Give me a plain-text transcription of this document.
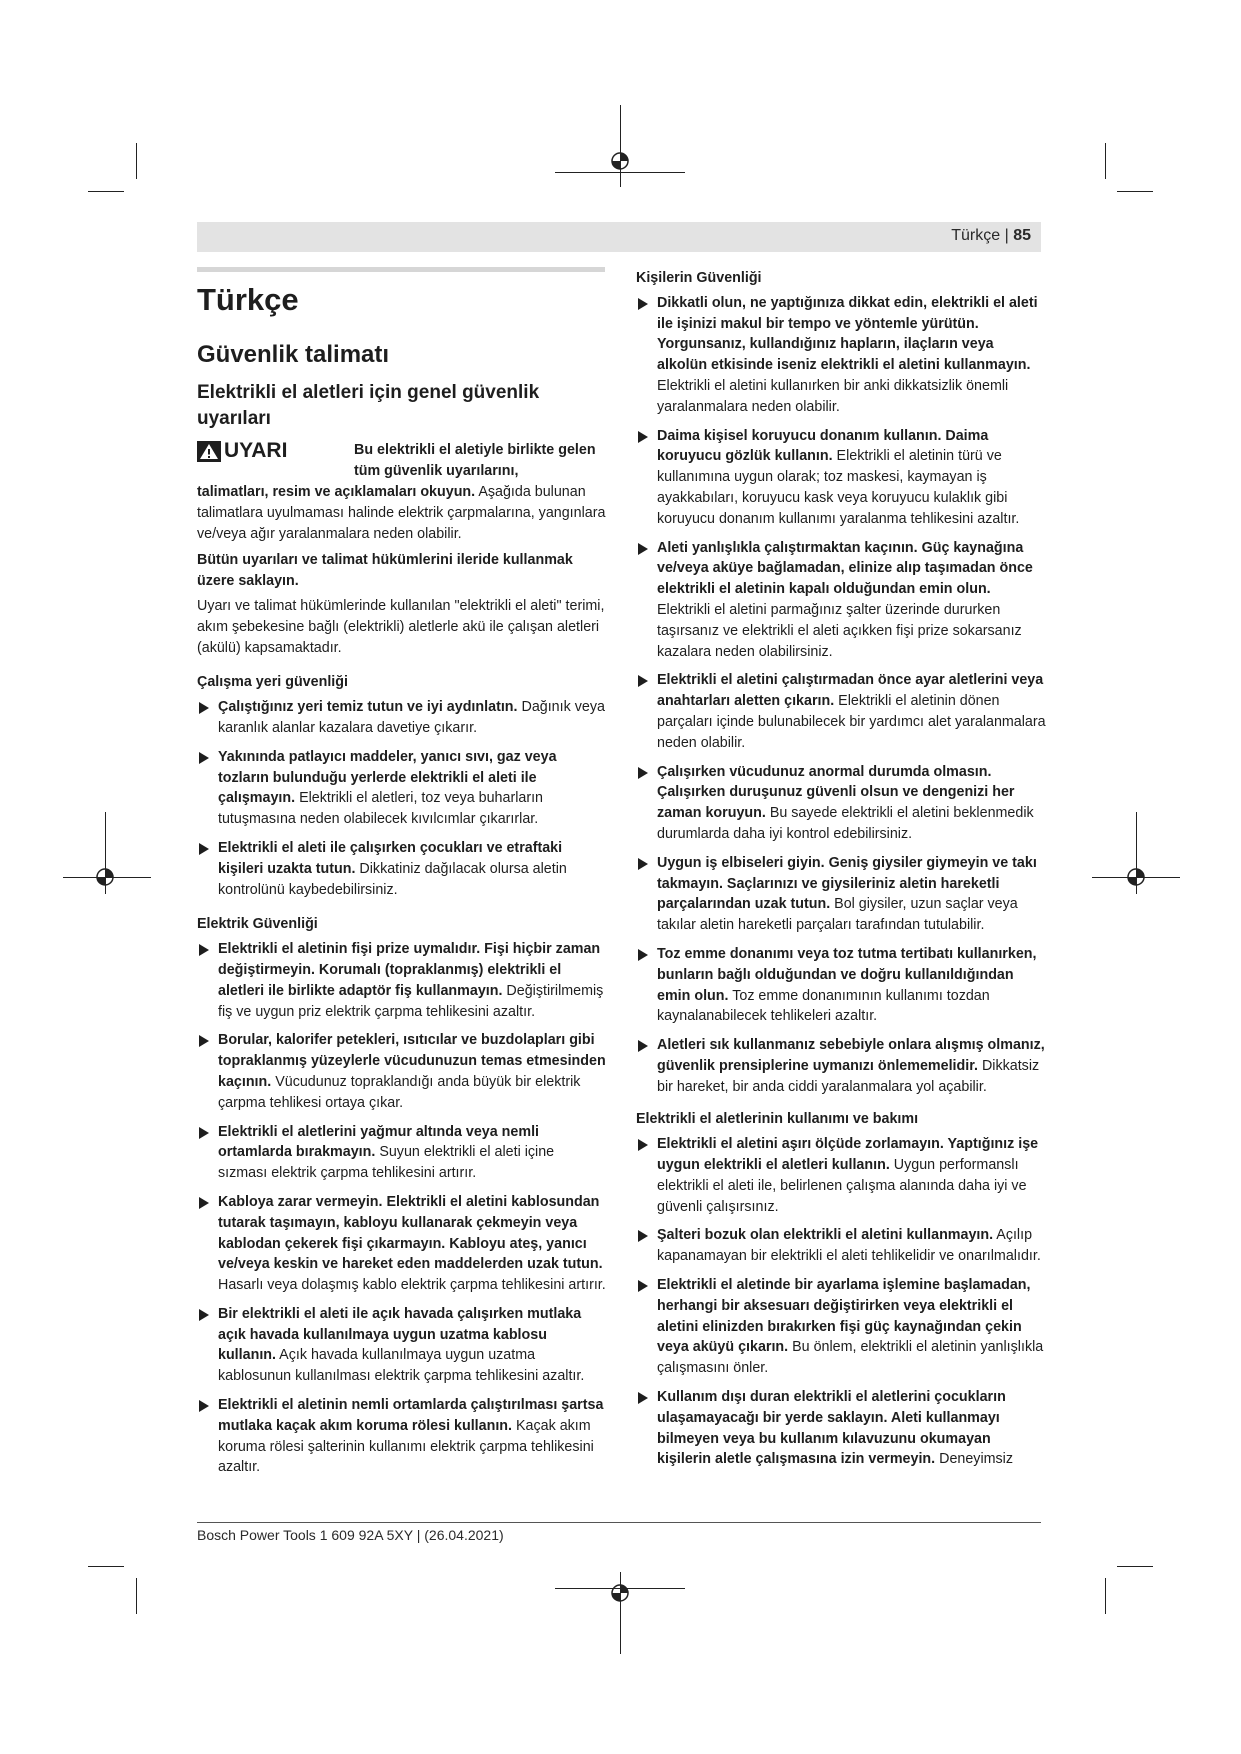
Türkçe | 85
Türkçe
Güvenlik talimatı
Elektrikli el aletleri için genel güvenlik uyarıları
UYARI	Bu elektrikli el aletiyle birlikte gelen tüm güvenlik uyarılarını,

talimatları, resim ve açıklamaları okuyun. Aşağıda bulunan talimatlara uyulmaması halinde elektrik çarpmalarına, yangınlara ve/veya ağır yaralanmalara neden olabilir.

Bütün uyarıları ve talimat hükümlerini ileride kullanmak üzere saklayın.

Uyarı ve talimat hükümlerinde kullanılan "elektrikli el aleti" terimi, akım şebekesine bağlı (elektrikli) aletlerle akü ile çalışan aletleri (akülü) kapsamaktadır.

Çalışma yeri güvenliği
Çalıştığınız yeri temiz tutun ve iyi aydınlatın. Dağınık veya karanlık alanlar kazalara davetiye çıkarır.
Yakınında patlayıcı maddeler, yanıcı sıvı, gaz veya tozların bulunduğu yerlerde elektrikli el aleti ile çalışmayın. Elektrikli el aletleri, toz veya buharların tutuşmasına neden olabilecek kıvılcımlar çıkarırlar.
Elektrikli el aleti ile çalışırken çocukları ve etraftaki kişileri uzakta tutun. Dikkatiniz dağılacak olursa aletin kontrolünü kaybedebilirsiniz.
Elektrik Güvenliği
Elektrikli el aletinin fişi prize uymalıdır. Fişi hiçbir zaman değiştirmeyin. Korumalı (topraklanmış) elektrikli el aletleri ile birlikte adaptör fiş kullanmayın. Değiştirilmemiş fiş ve uygun priz elektrik çarpma tehlikesini azaltır.
Borular, kalorifer petekleri, ısıtıcılar ve buzdolapları gibi topraklanmış yüzeylerle vücudunuzun temas etmesinden kaçının. Vücudunuz topraklandığı anda büyük bir elektrik çarpma tehlikesi ortaya çıkar.
Elektrikli el aletlerini yağmur altında veya nemli ortamlarda bırakmayın. Suyun elektrikli el aleti içine sızması elektrik çarpma tehlikesini artırır.
Kabloya zarar vermeyin. Elektrikli el aletini kablosundan tutarak taşımayın, kabloyu kullanarak çekmeyin veya kablodan çekerek fişi çıkarmayın. Kabloyu ateş, yanıcı ve/veya keskin ve hareket eden maddelerden uzak tutun. Hasarlı veya dolaşmış kablo elektrik çarpma tehlikesini artırır.
Bir elektrikli el aleti ile açık havada çalışırken mutlaka açık havada kullanılmaya uygun uzatma kablosu kullanın. Açık havada kullanılmaya uygun uzatma kablosunun kullanılması elektrik çarpma tehlikesini azaltır.
Elektrikli el aletinin nemli ortamlarda çalıştırılması şartsa mutlaka kaçak akım koruma rölesi kullanın. Kaçak akım koruma rölesi şalterinin kullanımı elektrik çarpma tehlikesini azaltır.
Kişilerin Güvenliği
Dikkatli olun, ne yaptığınıza dikkat edin, elektrikli el aleti ile işinizi makul bir tempo ve yöntemle yürütün. Yorgunsanız, kullandığınız hapların, ilaçların veya alkolün etkisinde iseniz elektrikli el aletini kullanmayın. Elektrikli el aletini kullanırken bir anki dikkatsizlik önemli yaralanmalara neden olabilir.
Daima kişisel koruyucu donanım kullanın. Daima koruyucu gözlük kullanın. Elektrikli el aletinin türü ve kullanımına uygun olarak; toz maskesi, kaymayan iş ayakkabıları, koruyucu kask veya koruyucu kulaklık gibi koruyucu donanım kullanımı yaralanma tehlikesini azaltır.
Aleti yanlışlıkla çalıştırmaktan kaçının. Güç kaynağına ve/veya aküye bağlamadan, elinize alıp taşımadan önce elektrikli el aletinin kapalı olduğundan emin olun. Elektrikli el aletini parmağınız şalter üzerinde dururken taşırsanız ve elektrikli el aleti açıkken fişi prize sokarsanız kazalara neden olabilirsiniz.
Elektrikli el aletini çalıştırmadan önce ayar aletlerini veya anahtarları aletten çıkarın. Elektrikli el aletinin dönen parçaları içinde bulunabilecek bir yardımcı alet yaralanmalara neden olabilir.
Çalışırken vücudunuz anormal durumda olmasın. Çalışırken duruşunuz güvenli olsun ve dengenizi her zaman koruyun. Bu sayede elektrikli el aletini beklenmedik durumlarda daha iyi kontrol edebilirsiniz.
Uygun iş elbiseleri giyin. Geniş giysiler giymeyin ve takı takmayın. Saçlarınızı ve giysileriniz aletin hareketli parçalarından uzak tutun. Bol giysiler, uzun saçlar veya takılar aletin hareketli parçaları tarafından tutulabilir.
Toz emme donanımı veya toz tutma tertibatı kullanırken, bunların bağlı olduğundan ve doğru kullanıldığından emin olun. Toz emme donanımının kullanımı tozdan kaynalanabilecek tehlikeleri azaltır.
Aletleri sık kullanmanız sebebiyle onlara alışmış olmanız, güvenlik prensiplerine uymanızı önlememelidir. Dikkatsiz bir hareket, bir anda ciddi yaralanmalara yol açabilir.
Elektrikli el aletlerinin kullanımı ve bakımı
Elektrikli el aletini aşırı ölçüde zorlamayın. Yaptığınız işe uygun elektrikli el aletleri kullanın. Uygun performanslı elektrikli el aleti ile, belirlenen çalışma alanında daha iyi ve güvenli çalışırsınız.
Şalteri bozuk olan elektrikli el aletini kullanmayın. Açılıp kapanamayan bir elektrikli el aleti tehlikelidir ve onarılmalıdır.
Elektrikli el aletinde bir ayarlama işlemine başlamadan, herhangi bir aksesuarı değiştirirken veya elektrikli el aletini elinizden bırakırken fişi güç kaynağından çekin veya aküyü çıkarın. Bu önlem, elektrikli el aletinin yanlışlıkla çalışmasını önler.
Kullanım dışı duran elektrikli el aletlerini çocukların ulaşamayacağı bir yerde saklayın. Aleti kullanmayı bilmeyen veya bu kullanım kılavuzunu okumayan kişilerin aletle çalışmasına izin vermeyin. Deneyimsiz
Bosch Power Tools 1 609 92A 5XY | (26.04.2021)
